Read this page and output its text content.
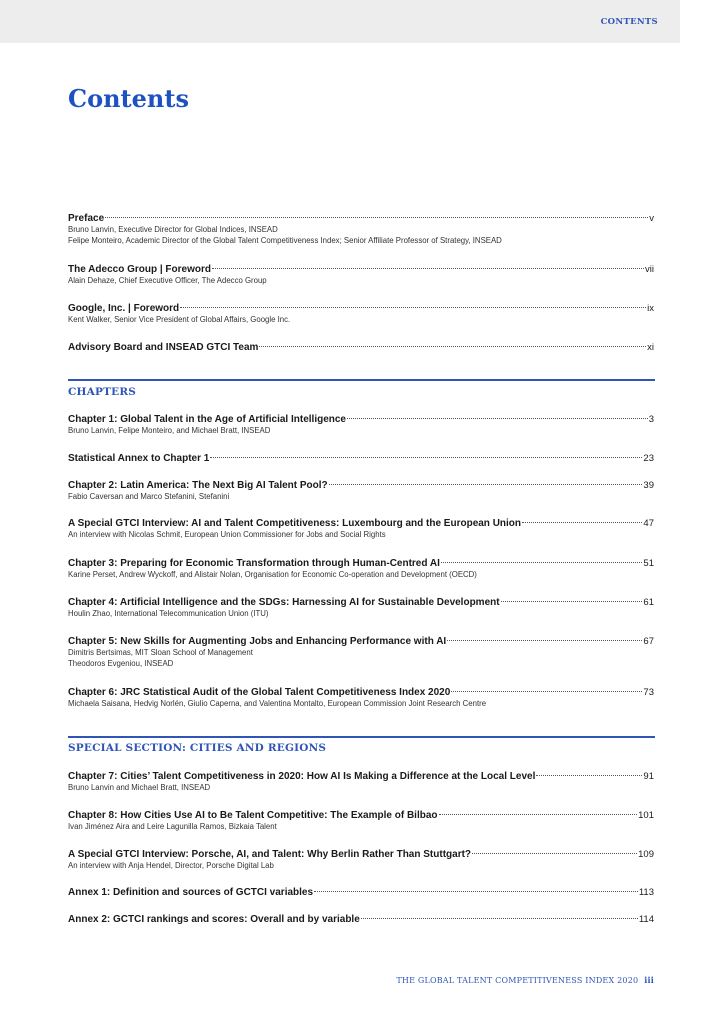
CONTENTS
Contents
Preface	v
Bruno Lanvin, Executive Director for Global Indices, INSEAD
Felipe Monteiro, Academic Director of the Global Talent Competitiveness Index; Senior Affiliate Professor of Strategy, INSEAD
The Adecco Group | Foreword	vii
Alain Dehaze, Chief Executive Officer, The Adecco Group
Google, Inc. | Foreword	ix
Kent Walker, Senior Vice President of Global Affairs, Google Inc.
Advisory Board and INSEAD GTCI Team	xi
CHAPTERS
Chapter 1: Global Talent in the Age of Artificial Intelligence	3
Bruno Lanvin, Felipe Monteiro, and Michael Bratt, INSEAD
Statistical Annex to Chapter 1	23
Chapter 2: Latin America: The Next Big AI Talent Pool?	39
Fabio Caversan and Marco Stefanini, Stefanini
A Special GTCI Interview: AI and Talent Competitiveness: Luxembourg and the European Union	47
An interview with Nicolas Schmit, European Union Commissioner for Jobs and Social Rights
Chapter 3: Preparing for Economic Transformation through Human-Centred AI	51
Karine Perset, Andrew Wyckoff, and Alistair Nolan, Organisation for Economic Co-operation and Development (OECD)
Chapter 4: Artificial Intelligence and the SDGs: Harnessing AI for Sustainable Development	61
Houlin Zhao, International Telecommunication Union (ITU)
Chapter 5: New Skills for Augmenting Jobs and Enhancing Performance with AI	67
Dimitris Bertsimas, MIT Sloan School of Management
Theodoros Evgeniou, INSEAD
Chapter 6: JRC Statistical Audit of the Global Talent Competitiveness Index 2020	73
Michaela Saisana, Hedvig Norlén, Giulio Caperna, and Valentina Montalto, European Commission Joint Research Centre
SPECIAL SECTION: CITIES AND REGIONS
Chapter 7: Cities’ Talent Competitiveness in 2020: How AI Is Making a Difference at the Local Level	91
Bruno Lanvin and Michael Bratt, INSEAD
Chapter 8: How Cities Use AI to Be Talent Competitive: The Example of Bilbao	101
Ivan Jiménez Aira and Leire Lagunilla Ramos, Bizkaia Talent
A Special GTCI Interview: Porsche, AI, and Talent: Why Berlin Rather Than Stuttgart?	109
An interview with Anja Hendel, Director, Porsche Digital Lab
Annex 1: Definition and sources of GCTCI variables	113
Annex 2: GCTCI rankings and scores: Overall and by variable	114
THE GLOBAL TALENT COMPETITIVENESS INDEX 2020 iii
